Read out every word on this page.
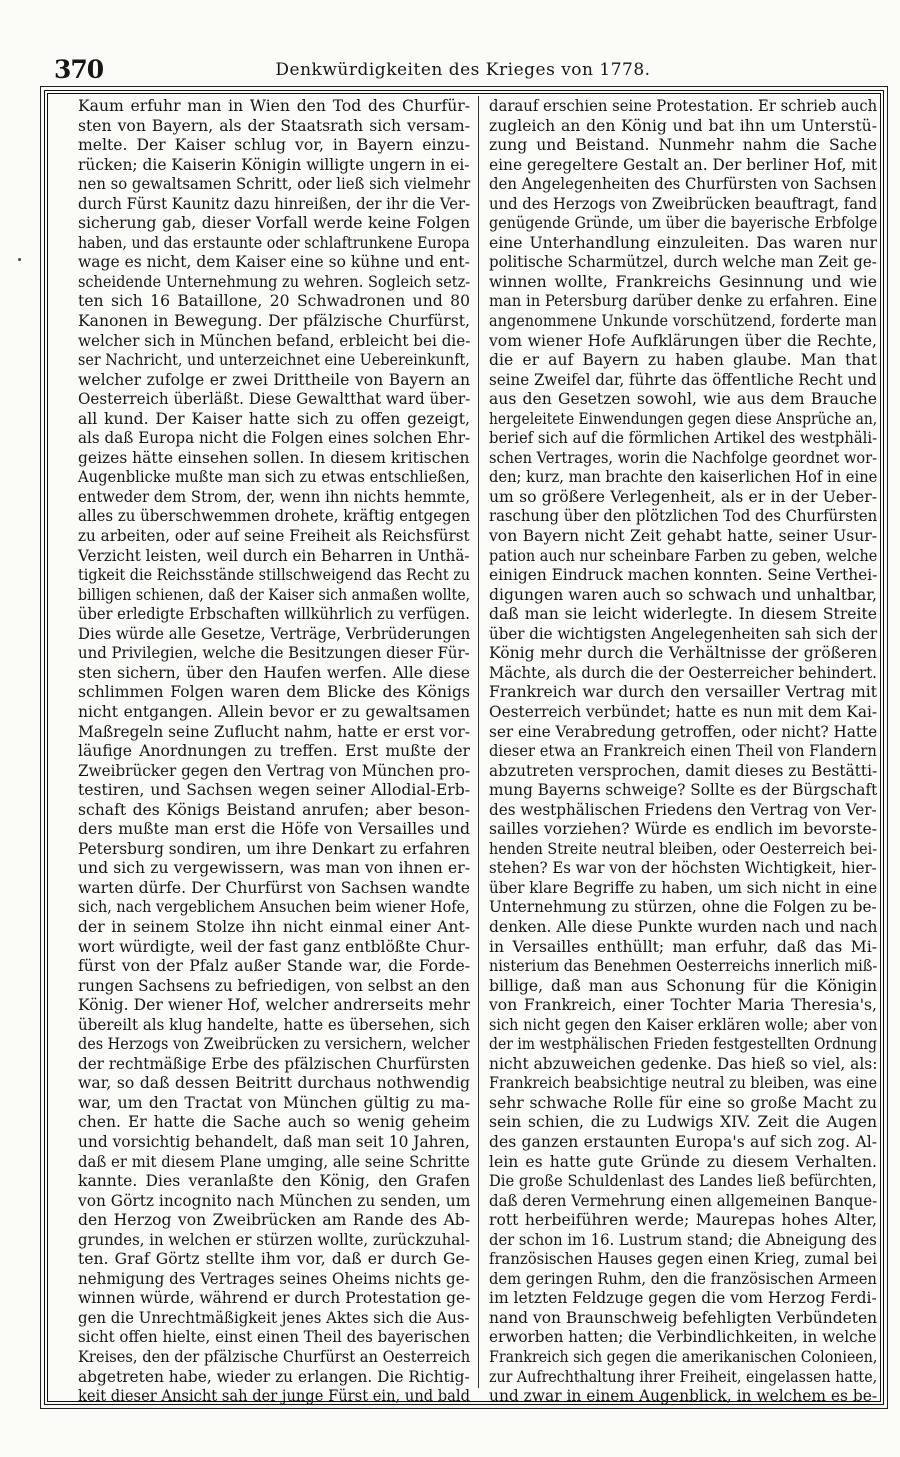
370	Denkwürdigkeiten des Krieges von 1778.
Kaum erfuhr man in Wien den Tod des Churfür-
sten von Bayern, als der Staatsrath sich versam-
melte. Der Kaiser schlug vor, in Bayern einzu-
rücken; die Kaiserin Königin willigte ungern in ei-
nen so gewaltsamen Schritt, oder ließ sich vielmehr
durch Fürst Kaunitz dazu hinreißen, der ihr die Ver-
sicherung gab, dieser Vorfall werde keine Folgen
haben, und das erstaunte oder schlaftrunkene Europa
wage es nicht, dem Kaiser eine so kühne und ent-
scheidende Unternehmung zu wehren. Sogleich setz-
ten sich 16 Bataillone, 20 Schwadronen und 80
Kanonen in Bewegung. Der pfälzische Churfürst,
welcher sich in München befand, erbleicht bei die-
ser Nachricht, und unterzeichnet eine Uebereinkunft,
welcher zufolge er zwei Drittheile von Bayern an
Oesterreich überläßt. Diese Gewaltthat ward über-
all kund. Der Kaiser hatte sich zu offen gezeigt,
als daß Europa nicht die Folgen eines solchen Ehr-
geizes hätte einsehen sollen. In diesem kritischen
Augenblicke mußte man sich zu etwas entschließen,
entweder dem Strom, der, wenn ihn nichts hemmte,
alles zu überschwemmen drohete, kräftig entgegen
zu arbeiten, oder auf seine Freiheit als Reichsfürst
Verzicht leisten, weil durch ein Beharren in Unthä-
tigkeit die Reichsstände stillschweigend das Recht zu
billigen schienen, daß der Kaiser sich anmaßen wollte,
über erledigte Erbschaften willkührlich zu verfügen.
Dies würde alle Gesetze, Verträge, Verbrüderungen
und Privilegien, welche die Besitzungen dieser Für-
sten sichern, über den Haufen werfen. Alle diese
schlimmen Folgen waren dem Blicke des Königs
nicht entgangen. Allein bevor er zu gewaltsamen
Maßregeln seine Zuflucht nahm, hatte er erst vor-
läufige Anordnungen zu treffen. Erst mußte der
Zweibrücker gegen den Vertrag von München pro-
testiren, und Sachsen wegen seiner Allodial-Erb-
schaft des Königs Beistand anrufen; aber beson-
ders mußte man erst die Höfe von Versailles und
Petersburg sondiren, um ihre Denkart zu erfahren
und sich zu vergewissern, was man von ihnen er-
warten dürfe. Der Churfürst von Sachsen wandte
sich, nach vergeblichem Ansuchen beim wiener Hofe,
der in seinem Stolze ihn nicht einmal einer Ant-
wort würdigte, weil der fast ganz entblößte Chur-
fürst von der Pfalz außer Stande war, die Forde-
rungen Sachsens zu befriedigen, von selbst an den
König. Der wiener Hof, welcher andrerseits mehr
übereilt als klug handelte, hatte es übersehen, sich
des Herzogs von Zweibrücken zu versichern, welcher
der rechtmäßige Erbe des pfälzischen Churfürsten
war, so daß dessen Beitritt durchaus nothwendig
war, um den Tractat von München gültig zu ma-
chen. Er hatte die Sache auch so wenig geheim
und vorsichtig behandelt, daß man seit 10 Jahren,
daß er mit diesem Plane umging, alle seine Schritte
kannte. Dies veranlaßte den König, den Grafen
von Görtz incognito nach München zu senden, um
den Herzog von Zweibrücken am Rande des Ab-
grundes, in welchen er stürzen wollte, zurückzuhal-
ten. Graf Görtz stellte ihm vor, daß er durch Ge-
nehmigung des Vertrages seines Oheims nichts ge-
winnen würde, während er durch Protestation ge-
gen die Unrechtmäßigkeit jenes Aktes sich die Aus-
sicht offen hielte, einst einen Theil des bayerischen
Kreises, den der pfälzische Churfürst an Oesterreich
abgetreten habe, wieder zu erlangen. Die Richtig-
keit dieser Ansicht sah der junge Fürst ein, und bald
darauf erschien seine Protestation. Er schrieb auch
zugleich an den König und bat ihn um Unterstü-
zung und Beistand. Nunmehr nahm die Sache
eine geregeltere Gestalt an. Der berliner Hof, mit
den Angelegenheiten des Churfürsten von Sachsen
und des Herzogs von Zweibrücken beauftragt, fand
genügende Gründe, um über die bayerische Erbfolge
eine Unterhandlung einzuleiten. Das waren nur
politische Scharmützel, durch welche man Zeit ge-
winnen wollte, Frankreichs Gesinnung und wie
man in Petersburg darüber denke zu erfahren. Eine
angenommene Unkunde vorschützend, forderte man
vom wiener Hofe Aufklärungen über die Rechte,
die er auf Bayern zu haben glaube. Man that
seine Zweifel dar, führte das öffentliche Recht und
aus den Gesetzen sowohl, wie aus dem Brauche
hergeleitete Einwendungen gegen diese Ansprüche an,
berief sich auf die förmlichen Artikel des westphäli-
schen Vertrages, worin die Nachfolge geordnet wor-
den; kurz, man brachte den kaiserlichen Hof in eine
um so größere Verlegenheit, als er in der Ueber-
raschung über den plötzlichen Tod des Churfürsten
von Bayern nicht Zeit gehabt hatte, seiner Usur-
pation auch nur scheinbare Farben zu geben, welche
einigen Eindruck machen konnten. Seine Verthei-
digungen waren auch so schwach und unhaltbar,
daß man sie leicht widerlegte. In diesem Streite
über die wichtigsten Angelegenheiten sah sich der
König mehr durch die Verhältnisse der größeren
Mächte, als durch die der Oesterreicher behindert.
Frankreich war durch den versailler Vertrag mit
Oesterreich verbündet; hatte es nun mit dem Kai-
ser eine Verabredung getroffen, oder nicht? Hatte
dieser etwa an Frankreich einen Theil von Flandern
abzutreten versprochen, damit dieses zu Bestätti-
mung Bayerns schweige? Sollte es der Bürgschaft
des westphälischen Friedens den Vertrag von Ver-
sailles vorziehen? Würde es endlich im bevorste-
henden Streite neutral bleiben, oder Oesterreich bei-
stehen? Es war von der höchsten Wichtigkeit, hier-
über klare Begriffe zu haben, um sich nicht in eine
Unternehmung zu stürzen, ohne die Folgen zu be-
denken. Alle diese Punkte wurden nach und nach
in Versailles enthüllt; man erfuhr, daß das Mi-
nisterium das Benehmen Oesterreichs innerlich miß-
billige, daß man aus Schonung für die Königin
von Frankreich, einer Tochter Maria Theresia's,
sich nicht gegen den Kaiser erklären wolle; aber von
der im westphälischen Frieden festgestellten Ordnung
nicht abzuweichen gedenke. Das hieß so viel, als:
Frankreich beabsichtige neutral zu bleiben, was eine
sehr schwache Rolle für eine so große Macht zu
sein schien, die zu Ludwigs XIV. Zeit die Augen
des ganzen erstaunten Europa's auf sich zog. Al-
lein es hatte gute Gründe zu diesem Verhalten.
Die große Schuldenlast des Landes ließ befürchten,
daß deren Vermehrung einen allgemeinen Banque-
rott herbeiführen werde; Maurepas hohes Alter,
der schon im 16. Lustrum stand; die Abneigung des
französischen Hauses gegen einen Krieg, zumal bei
dem geringen Ruhm, den die französischen Armeen
im letzten Feldzuge gegen die vom Herzog Ferdi-
nand von Braunschweig befehligten Verbündeten
erworben hatten; die Verbindlichkeiten, in welche
Frankreich sich gegen die amerikanischen Colonieen,
zur Aufrechthaltung ihrer Freiheit, eingelassen hatte,
und zwar in einem Augenblick, in welchem es be-
